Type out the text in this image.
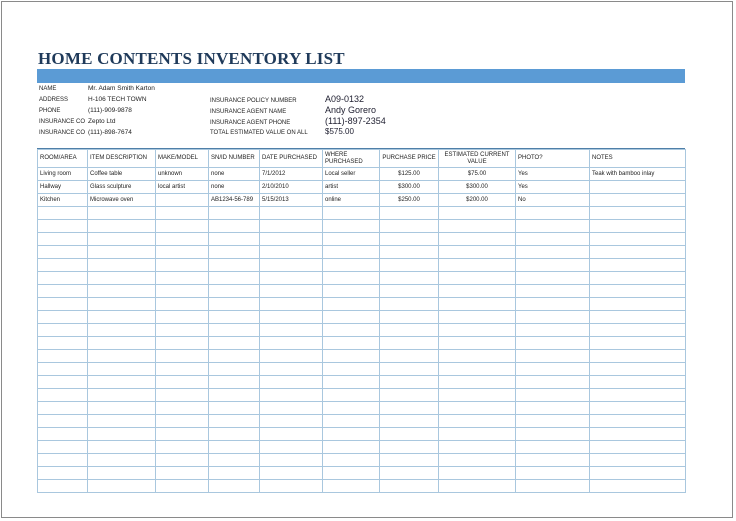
HOME CONTENTS INVENTORY LIST
NAME	Mr. Adam Smith Karton
ADDRESS	H-106 TECH TOWN
PHONE	(111)-909-9878
INSURANCE CO Zepto Ltd
INSURANCE CO (111)-898-7674
INSURANCE POLICY NUMBER	A09-0132
INSURANCE AGENT NAME	Andy Gorero
INSURANCE AGENT PHONE	(111)-897-2354
TOTAL ESTIMATED VALUE ON ALL $575.00
ROOM/AREA	ITEM DESCRIPTION	MAKE/MODEL	SN/ID NUMBER	DATE PURCHASED	WHERE PURCHASED	PURCHASE PRICE	ESTIMATED CURRENT VALUE	PHOTO?	NOTES
Living room	Coffee table	unknown	none	7/1/2012	Local seller	$125.00	$75.00	Yes	Teak with bamboo inlay
Hallway	Glass sculpture	local artist	none	2/10/2010	artist	$300.00	$300.00	Yes	
Kitchen	Microwave oven		AB1234-56-789	5/15/2013	online	$250.00	$200.00	No	
